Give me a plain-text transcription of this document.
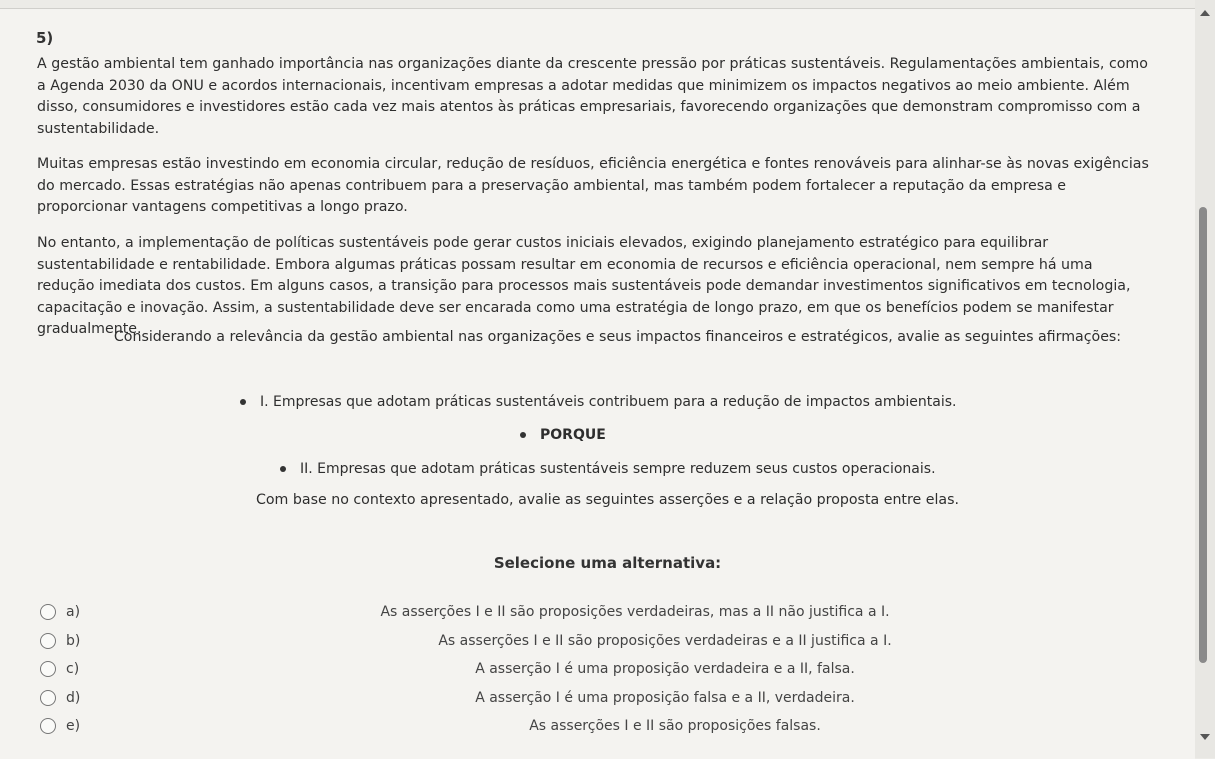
5)

A gestão ambiental tem ganhado importância nas organizações diante da crescente pressão por práticas sustentáveis. Regulamentações ambientais, como a Agenda 2030 da ONU e acordos internacionais, incentivam empresas a adotar medidas que minimizem os impactos negativos ao meio ambiente. Além disso, consumidores e investidores estão cada vez mais atentos às práticas empresariais, favorecendo organizações que demonstram compromisso com a sustentabilidade.

Muitas empresas estão investindo em economia circular, redução de resíduos, eficiência energética e fontes renováveis para alinhar-se às novas exigências do mercado. Essas estratégias não apenas contribuem para a preservação ambiental, mas também podem fortalecer a reputação da empresa e proporcionar vantagens competitivas a longo prazo.

No entanto, a implementação de políticas sustentáveis pode gerar custos iniciais elevados, exigindo planejamento estratégico para equilibrar sustentabilidade e rentabilidade. Embora algumas práticas possam resultar em economia de recursos e eficiência operacional, nem sempre há uma redução imediata dos custos. Em alguns casos, a transição para processos mais sustentáveis pode demandar investimentos significativos em tecnologia, capacitação e inovação. Assim, a sustentabilidade deve ser encarada como uma estratégia de longo prazo, em que os benefícios podem se manifestar gradualmente.

Considerando a relevância da gestão ambiental nas organizações e seus impactos financeiros e estratégicos, avalie as seguintes afirmações:
I. Empresas que adotam práticas sustentáveis contribuem para a redução de impactos ambientais.
PORQUE
II. Empresas que adotam práticas sustentáveis sempre reduzem seus custos operacionais.
Com base no contexto apresentado, avalie as seguintes asserções e a relação proposta entre elas.
Selecione uma alternativa:
As asserções I e II são proposições verdadeiras, mas a II não justifica a I.
a)
As asserções I e II são proposições verdadeiras e a II justifica a I.
b)
A asserção I é uma proposição verdadeira e a II, falsa.
c)
A asserção I é uma proposição falsa e a II, verdadeira.
d)
As asserções I e II são proposições falsas.
e)
